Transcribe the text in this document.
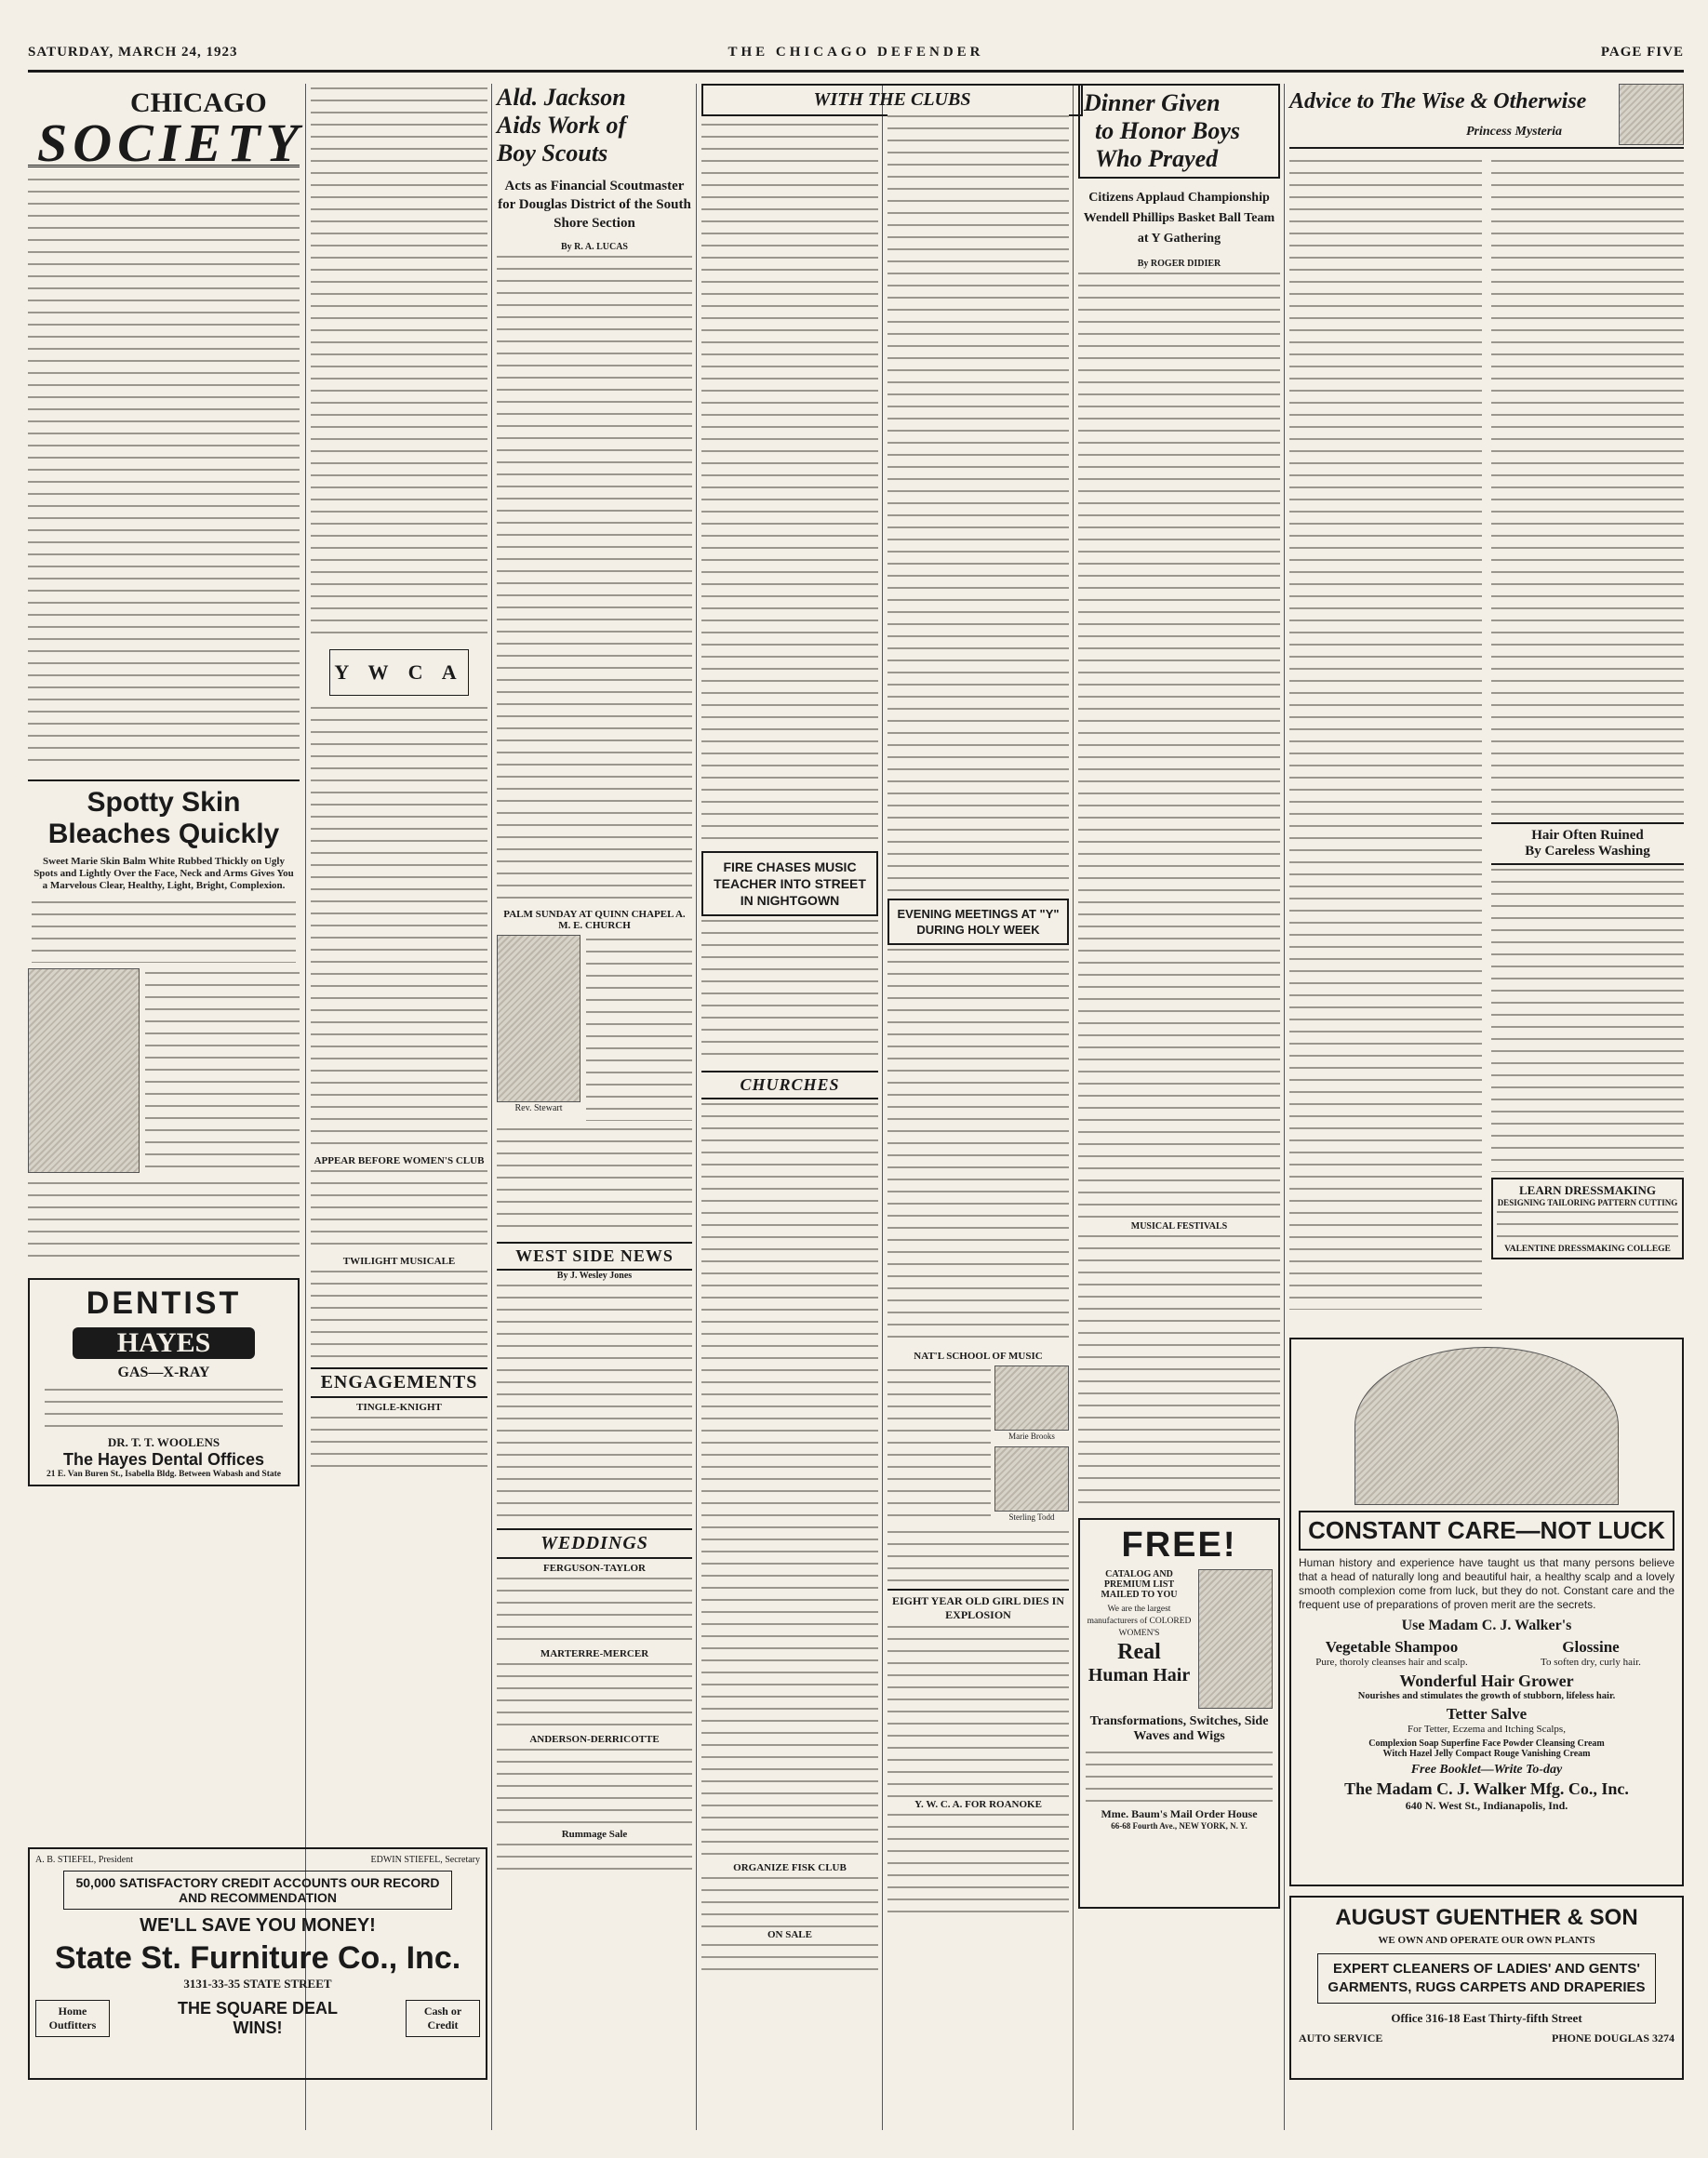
SATURDAY, MARCH 24, 1923	THE CHICAGO DEFENDER	PAGE FIVE
CHICAGO
SOCIETY
Spotty Skin
Bleaches Quickly
Sweet Marie Skin Balm White Rubbed Thickly on Ugly Spots and Lightly Over the Face, Neck and Arms Gives You a Marvelous Clear, Healthy, Light, Bright, Complexion.
DENTIST
HAYES
GAS—X-RAY
DR. T. T. WOOLENS
The Hayes Dental Offices
21 E. Van Buren St., Isabella Bldg. Between Wabash and State
Y W C A
APPEAR BEFORE WOMEN'S CLUB
TWILIGHT MUSICALE
ENGAGEMENTS
TINGLE-KNIGHT
A. B. STIEFEL, President	EDWIN STIEFEL, Secretary
50,000 SATISFACTORY CREDIT ACCOUNTS OUR RECORD AND RECOMMENDATION
WE'LL SAVE YOU MONEY!
State St. Furniture Co., Inc.
3131-33-35 STATE STREET
Home Outfitters
THE SQUARE DEAL WINS!
Cash or Credit
Ald. Jackson
Aids Work of
Boy Scouts
Acts as Financial Scoutmaster for Douglas District of the South Shore Section
By R. A. LUCAS
PALM SUNDAY AT QUINN CHAPEL A. M. E. CHURCH
Rev. Stewart
WEST SIDE NEWS
By J. Wesley Jones
WEDDINGS
FERGUSON-TAYLOR
MARTERRE-MERCER
ANDERSON-DERRICOTTE
Rummage Sale
WITH THE CLUBS
FIRE CHASES MUSIC TEACHER INTO STREET IN NIGHTGOWN
CHURCHES
ORGANIZE FISK CLUB
ON SALE
EVENING MEETINGS AT "Y" DURING HOLY WEEK
NAT'L SCHOOL OF MUSIC
Marie Brooks
Sterling Todd
EIGHT YEAR OLD GIRL DIES IN EXPLOSION
Y. W. C. A. FOR ROANOKE
Dinner Given
to Honor Boys
Who Prayed
Citizens Applaud Championship Wendell Phillips Basket Ball Team at Y Gathering
By ROGER DIDIER
MUSICAL FESTIVALS
FREE!
CATALOG AND PREMIUM LIST MAILED TO YOU
We are the largest manufacturers of COLORED WOMEN'S
Real
Human Hair
Transformations, Switches, Side Waves and Wigs
Mme. Baum's Mail Order House
66-68 Fourth Ave., NEW YORK, N. Y.
Advice to The Wise & Otherwise
Princess Mysteria
Hair Often Ruined
By Careless Washing
LEARN DRESSMAKING
DESIGNING TAILORING PATTERN CUTTING
VALENTINE DRESSMAKING COLLEGE
CONSTANT CARE—NOT LUCK
Human history and experience have taught us that many persons believe that a head of naturally long and beautiful hair, a healthy scalp and a lovely smooth complexion come from luck, but they do not. Constant care and the frequent use of preparations of proven merit are the secrets.
Use Madam C. J. Walker's
Vegetable Shampoo
Pure, thoroly cleanses hair and scalp.
Glossine
To soften dry, curly hair.
Wonderful Hair Grower
Nourishes and stimulates the growth of stubborn, lifeless hair.
Tetter Salve
For Tetter, Eczema and Itching Scalps,
Complexion Soap Superfine Face Powder Cleansing Cream
Witch Hazel Jelly Compact Rouge Vanishing Cream
Free Booklet—Write To-day
The Madam C. J. Walker Mfg. Co., Inc.
640 N. West St., Indianapolis, Ind.
AUGUST GUENTHER & SON
WE OWN AND OPERATE OUR OWN PLANTS
EXPERT CLEANERS OF LADIES' AND GENTS' GARMENTS, RUGS CARPETS AND DRAPERIES
Office 316-18 East Thirty-fifth Street
AUTO SERVICE	PHONE DOUGLAS 3274
